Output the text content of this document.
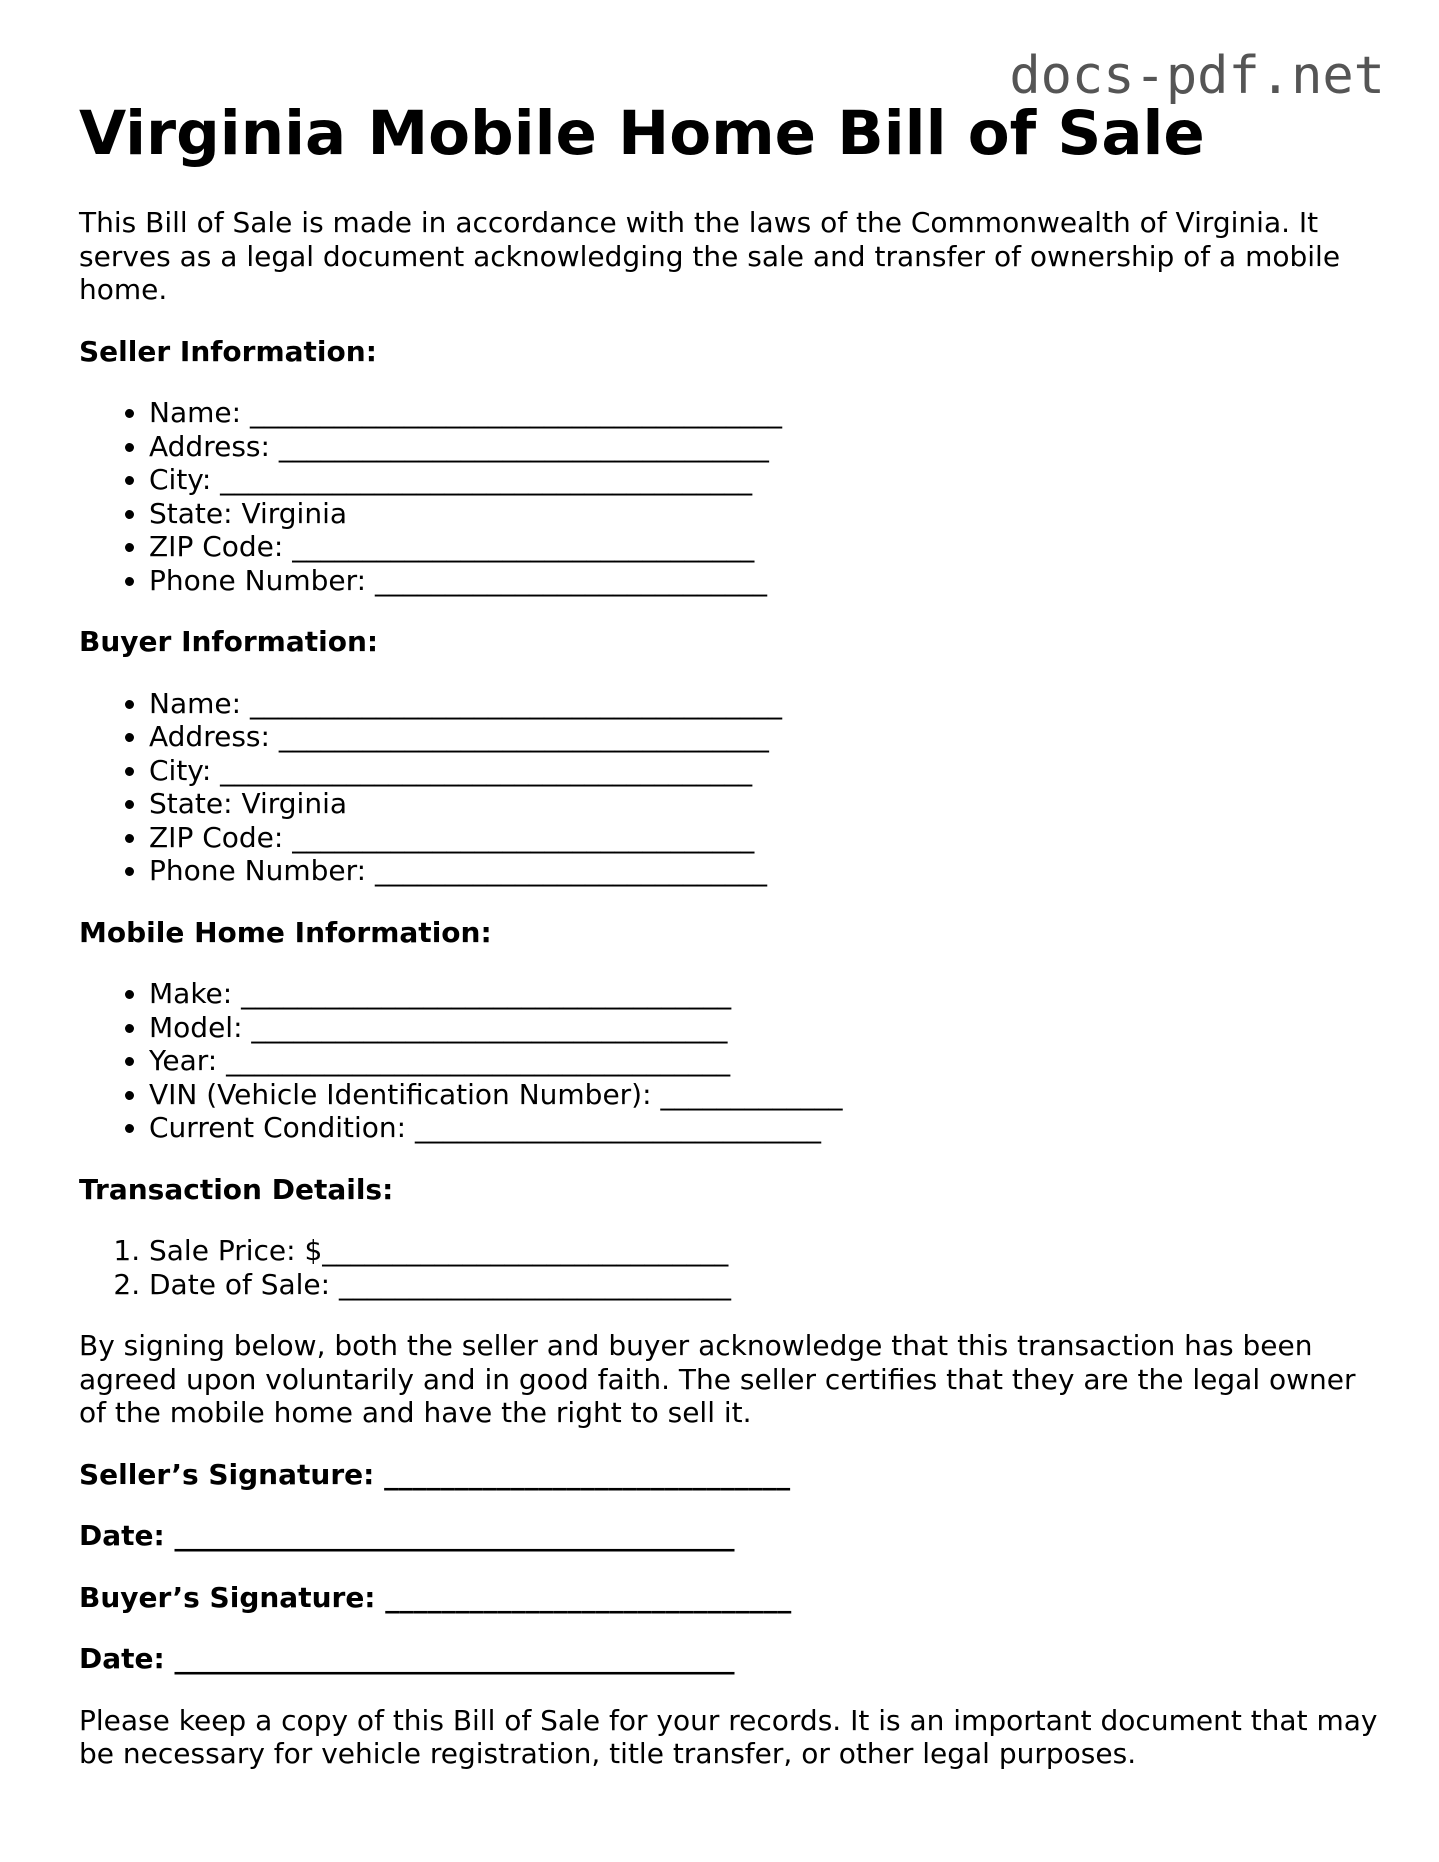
docs-pdf.net
Virginia Mobile Home Bill of Sale

This Bill of Sale is made in accordance with the laws of the Commonwealth of Virginia. It serves as a legal document acknowledging the sale and transfer of ownership of a mobile home.

Seller Information:

• Name: ______________________________________
• Address: ___________________________________
• City: ______________________________________
• State: Virginia
• ZIP Code: _________________________________
• Phone Number: ____________________________

Buyer Information:

• Name: ______________________________________
• Address: ___________________________________
• City: ______________________________________
• State: Virginia
• ZIP Code: _________________________________
• Phone Number: ____________________________

Mobile Home Information:

• Make: ___________________________________
• Model: __________________________________
• Year: ____________________________________
• VIN (Vehicle Identification Number): _____________
• Current Condition: _____________________________

Transaction Details:

1. Sale Price: $_____________________________
2. Date of Sale: ____________________________

By signing below, both the seller and buyer acknowledge that this transaction has been agreed upon voluntarily and in good faith. The seller certifies that they are the legal owner of the mobile home and have the right to sell it.

Seller’s Signature: _____________________________

Date: ________________________________________

Buyer’s Signature: _____________________________

Date: ________________________________________

Please keep a copy of this Bill of Sale for your records. It is an important document that may be necessary for vehicle registration, title transfer, or other legal purposes.
